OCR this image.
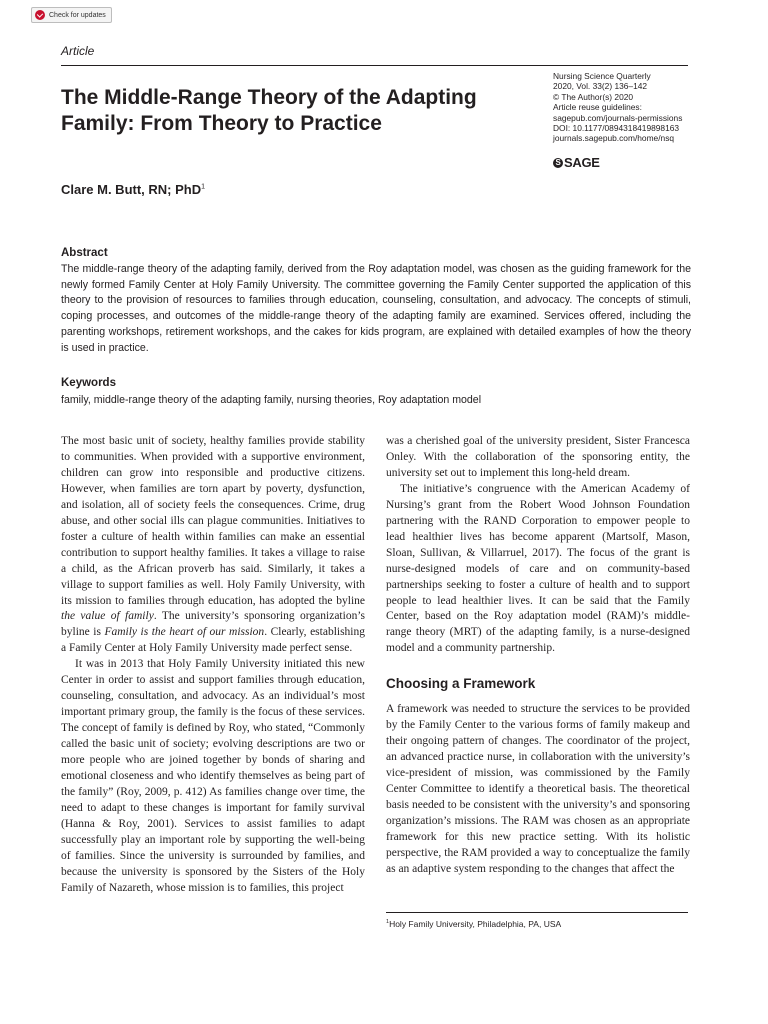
Check for updates
Article
The Middle-Range Theory of the Adapting Family: From Theory to Practice
Nursing Science Quarterly
2020, Vol. 33(2) 136–142
© The Author(s) 2020
Article reuse guidelines:
sagepub.com/journals-permissions
DOI: 10.1177/0894318419898163
journals.sagepub.com/home/nsq
S SAGE
Clare M. Butt, RN; PhD$^1$
Abstract

The middle-range theory of the adapting family, derived from the Roy adaptation model, was chosen as the guiding framework for the newly formed Family Center at Holy Family University. The committee governing the Family Center supported the application of this theory to the provision of resources to families through education, counseling, consultation, and advocacy. The concepts of stimuli, coping processes, and outcomes of the middle-range theory of the adapting family are examined. Services offered, including the parenting workshops, retirement workshops, and the cakes for kids program, are explained with detailed examples of how the theory is used in practice.

Keywords

family, middle-range theory of the adapting family, nursing theories, Roy adaptation model

The most basic unit of society, healthy families provide stability to communities. When provided with a supportive environment, children can grow into responsible and productive citizens. However, when families are torn apart by poverty, dysfunction, and isolation, all of society feels the consequences. Crime, drug abuse, and other social ills can plague communities. Initiatives to foster a culture of health within families can make an essential contribution to support healthy families. It takes a village to raise a child, as the African proverb has said. Similarly, it takes a village to support families as well. Holy Family University, with its mission to families through education, has adopted the byline the value of family. The university’s sponsoring organization’s byline is Family is the heart of our mission. Clearly, establishing a Family Center at Holy Family University made perfect sense.

It was in 2013 that Holy Family University initiated this new Center in order to assist and support families through education, counseling, consultation, and advocacy. As an individual’s most important primary group, the family is the focus of these services. The concept of family is defined by Roy, who stated, “Commonly called the basic unit of society; evolving descriptions are two or more people who are joined together by bonds of sharing and emotional closeness and who identify themselves as being part of the family” (Roy, 2009, p. 412) As families change over time, the need to adapt to these changes is important for family survival (Hanna & Roy, 2001). Services to assist families to adapt successfully play an important role by supporting the well-being of families. Since the university is surrounded by families, and because the university is sponsored by the Sisters of the Holy Family of Nazareth, whose mission is to families, this project

was a cherished goal of the university president, Sister Francesca Onley. With the collaboration of the sponsoring entity, the university set out to implement this long-held dream.

The initiative’s congruence with the American Academy of Nursing’s grant from the Robert Wood Johnson Foundation partnering with the RAND Corporation to empower people to lead healthier lives has become apparent (Martsolf, Mason, Sloan, Sullivan, & Villarruel, 2017). The focus of the grant is nurse-designed models of care and on community-based partnerships seeking to foster a culture of health and to support people to lead healthier lives. It can be said that the Family Center, based on the Roy adaptation model (RAM)’s middle-range theory (MRT) of the adapting family, is a nurse-designed model and a community partnership.

Choosing a Framework

A framework was needed to structure the services to be provided by the Family Center to the various forms of family makeup and their ongoing pattern of changes. The coordinator of the project, an advanced practice nurse, in collaboration with the university’s vice-president of mission, was commissioned by the Family Center Committee to identify a theoretical basis. The theoretical basis needed to be consistent with the university’s and sponsoring organization’s missions. The RAM was chosen as an appropriate framework for this new practice setting. With its holistic perspective, the RAM provided a way to conceptualize the family as an adaptive system responding to the changes that affect the

$^1$Holy Family University, Philadelphia, PA, USA
